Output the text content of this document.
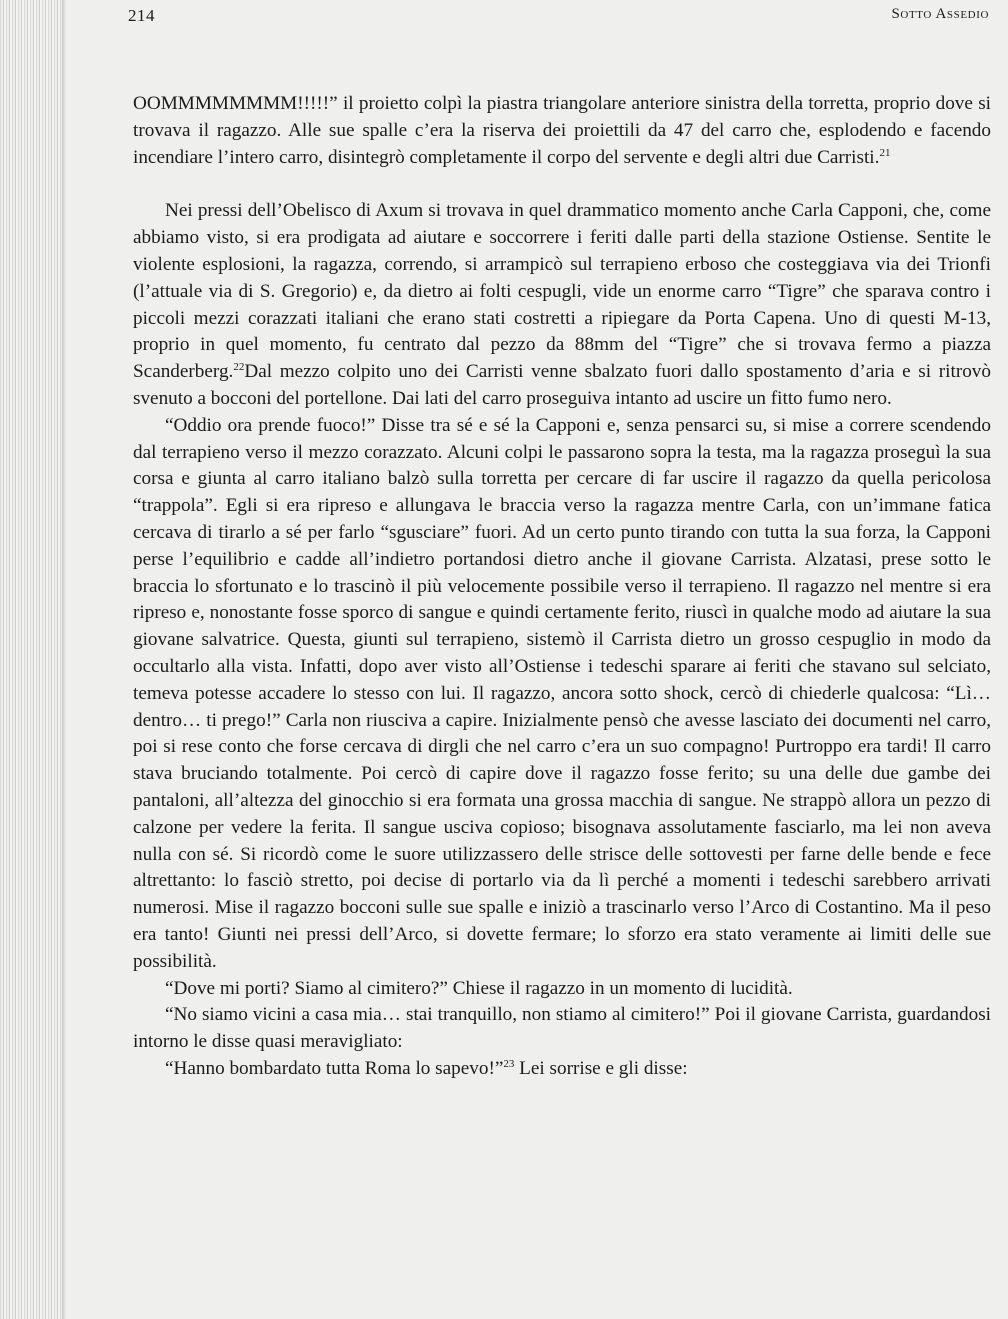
214	Sotto Assedio

OOMMMMMMMM!!!!!” il proietto colpì la piastra triangolare anteriore sinistra della torretta, proprio dove si trovava il ragazzo. Alle sue spalle c’era la riserva dei proiettili da 47 del carro che, esplodendo e facendo incendiare l’intero carro, disintegrò completamente il corpo del servente e degli altri due Carristi.$^{21}$

Nei pressi dell’Obelisco di Axum si trovava in quel drammatico momento anche Carla Capponi, che, come abbiamo visto, si era prodigata ad aiutare e soccorrere i feriti dalle parti della stazione Ostiense. Sentite le violente esplosioni, la ragazza, correndo, si arrampicò sul terrapieno erboso che costeggiava via dei Trionfi (l’attuale via di S. Gregorio) e, da dietro ai folti cespugli, vide un enorme carro “Tigre” che sparava contro i piccoli mezzi corazzati italiani che erano stati costretti a ripiegare da Porta Capena. Uno di questi M-13, proprio in quel momento, fu centrato dal pezzo da 88mm del “Tigre” che si trovava fermo a piazza Scanderberg.$^{22}$Dal mezzo colpito uno dei Carristi venne sbalzato fuori dallo spostamento d’aria e si ritrovò svenuto a bocconi del portellone. Dai lati del carro proseguiva intanto ad uscire un fitto fumo nero.

“Oddio ora prende fuoco!” Disse tra sé e sé la Capponi e, senza pensarci su, si mise a correre scendendo dal terrapieno verso il mezzo corazzato. Alcuni colpi le passarono sopra la testa, ma la ragazza proseguì la sua corsa e giunta al carro italiano balzò sulla torretta per cercare di far uscire il ragazzo da quella pericolosa “trappola”. Egli si era ripreso e allungava le braccia verso la ragazza mentre Carla, con un’immane fatica cercava di tirarlo a sé per farlo “sgusciare” fuori. Ad un certo punto tirando con tutta la sua forza, la Capponi perse l’equilibrio e cadde all’indietro portandosi dietro anche il giovane Carrista. Alzatasi, prese sotto le braccia lo sfortunato e lo trascinò il più velocemente possibile verso il terrapieno. Il ragazzo nel mentre si era ripreso e, nonostante fosse sporco di sangue e quindi certamente ferito, riuscì in qualche modo ad aiutare la sua giovane salvatrice. Questa, giunti sul terrapieno, sistemò il Carrista dietro un grosso cespuglio in modo da occultarlo alla vista. Infatti, dopo aver visto all’Ostiense i tedeschi sparare ai feriti che stavano sul selciato, temeva potesse accadere lo stesso con lui. Il ragazzo, ancora sotto shock, cercò di chiederle qualcosa: “Lì… dentro… ti prego!” Carla non riusciva a capire. Inizialmente pensò che avesse lasciato dei documenti nel carro, poi si rese conto che forse cercava di dirgli che nel carro c’era un suo compagno! Purtroppo era tardi! Il carro stava bruciando totalmente. Poi cercò di capire dove il ragazzo fosse ferito; su una delle due gambe dei pantaloni, all’altezza del ginocchio si era formata una grossa macchia di sangue. Ne strappò allora un pezzo di calzone per vedere la ferita. Il sangue usciva copioso; bisognava assolutamente fasciarlo, ma lei non aveva nulla con sé. Si ricordò come le suore utilizzassero delle strisce delle sottovesti per farne delle bende e fece altrettanto: lo fasciò stretto, poi decise di portarlo via da lì perché a momenti i tedeschi sarebbero arrivati numerosi. Mise il ragazzo bocconi sulle sue spalle e iniziò a trascinarlo verso l’Arco di Costantino. Ma il peso era tanto! Giunti nei pressi dell’Arco, si dovette fermare; lo sforzo era stato veramente ai limiti delle sue possibilità.

“Dove mi porti? Siamo al cimitero?” Chiese il ragazzo in un momento di lucidità.

“No siamo vicini a casa mia… stai tranquillo, non stiamo al cimitero!” Poi il giovane Carrista, guardandosi intorno le disse quasi meravigliato:

“Hanno bombardato tutta Roma lo sapevo!”$^{23}$ Lei sorrise e gli disse:
